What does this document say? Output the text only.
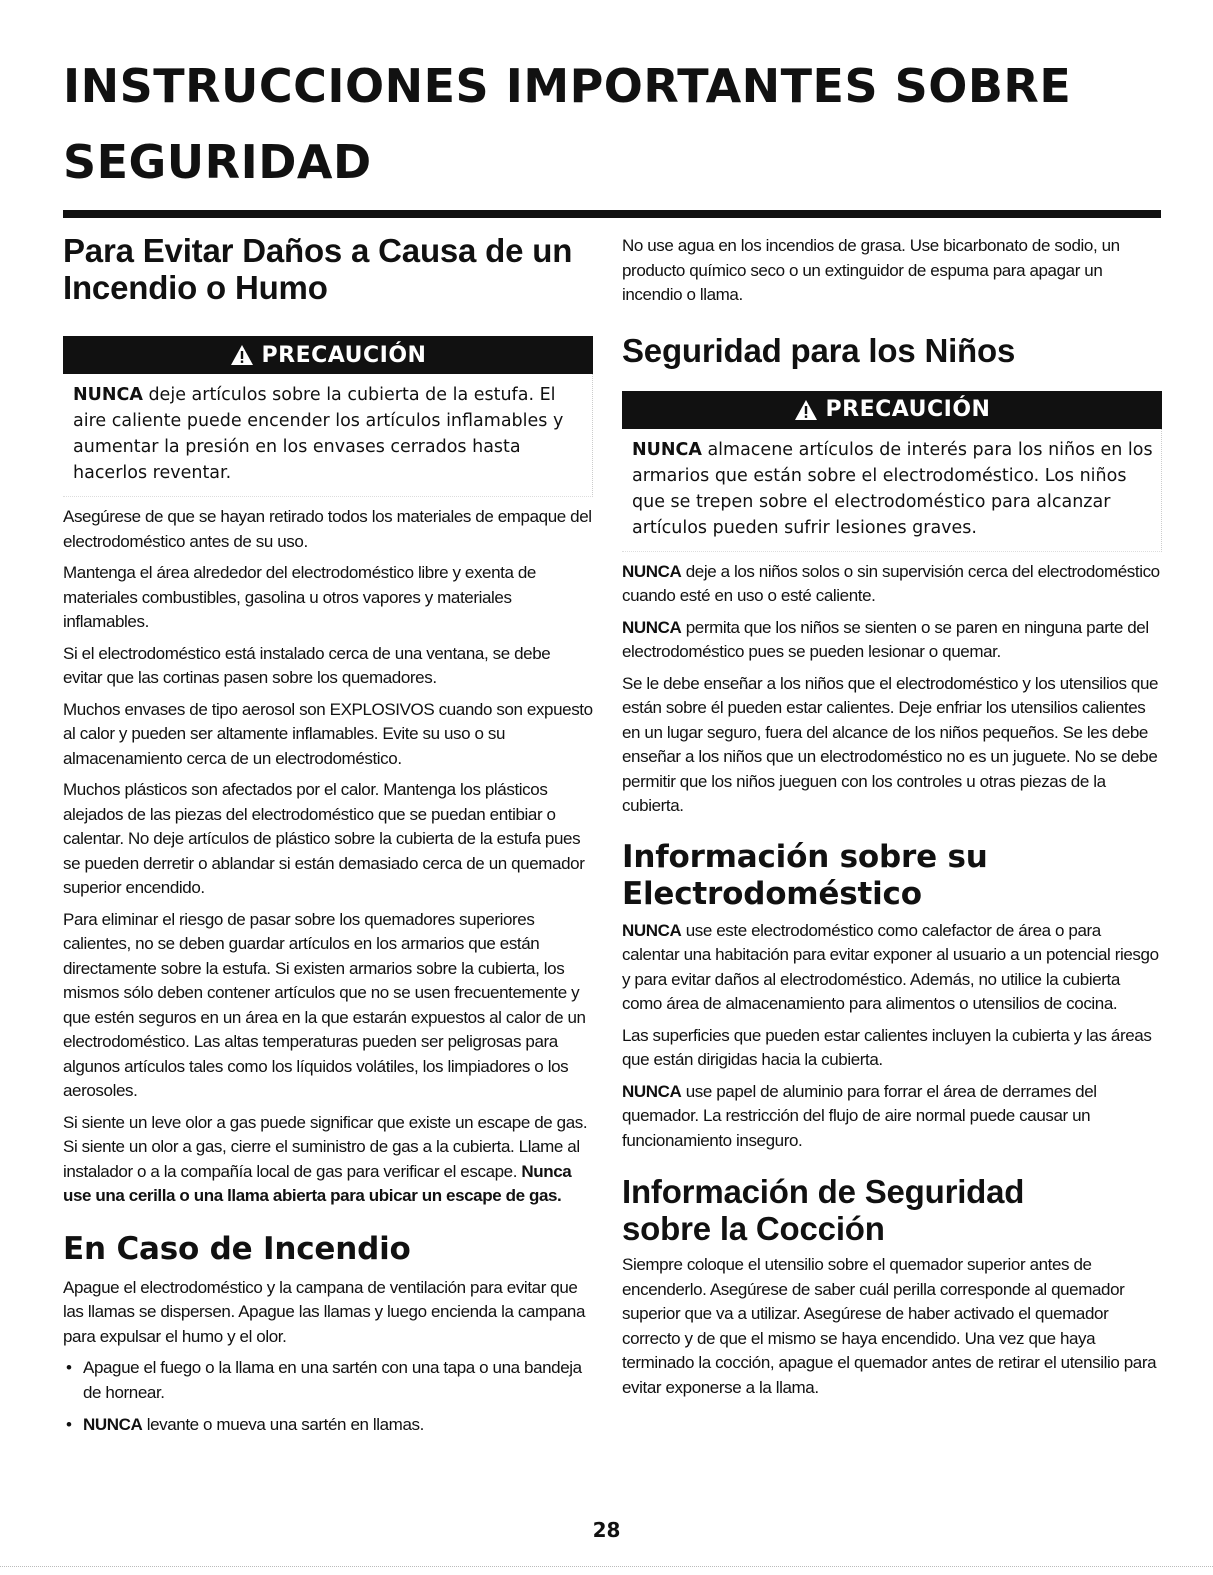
INSTRUCCIONES IMPORTANTES SOBRE
SEGURIDAD
Para Evitar Daños a Causa de un Incendio o Humo
PRECAUCIÓN

NUNCA deje artículos sobre la cubierta de la estufa. El aire caliente puede encender los artículos inflamables y aumentar la presión en los envases cerrados hasta hacerlos reventar.

Asegúrese de que se hayan retirado todos los materiales de empaque del electrodoméstico antes de su uso.

Mantenga el área alrededor del electrodoméstico libre y exenta de materiales combustibles, gasolina u otros vapores y materiales inflamables.

Si el electrodoméstico está instalado cerca de una ventana, se debe evitar que las cortinas pasen sobre los quemadores.

Muchos envases de tipo aerosol son EXPLOSIVOS cuando son expuesto al calor y pueden ser altamente inflamables. Evite su uso o su almacenamiento cerca de un electrodoméstico.

Muchos plásticos son afectados por el calor. Mantenga los plásticos alejados de las piezas del electrodoméstico que se puedan entibiar o calentar. No deje artículos de plástico sobre la cubierta de la estufa pues se pueden derretir o ablandar si están demasiado cerca de un quemador superior encendido.

Para eliminar el riesgo de pasar sobre los quemadores superiores calientes, no se deben guardar artículos en los armarios que están directamente sobre la estufa. Si existen armarios sobre la cubierta, los mismos sólo deben contener artículos que no se usen frecuentemente y que estén seguros en un área en la que estarán expuestos al calor de un electrodoméstico. Las altas temperaturas pueden ser peligrosas para algunos artículos tales como los líquidos volátiles, los limpiadores o los aerosoles.

Si siente un leve olor a gas puede significar que existe un escape de gas. Si siente un olor a gas, cierre el suministro de gas a la cubierta. Llame al instalador o a la compañía local de gas para verificar el escape. Nunca use una cerilla o una llama abierta para ubicar un escape de gas.

En Caso de Incendio

Apague el electrodoméstico y la campana de ventilación para evitar que las llamas se dispersen. Apague las llamas y luego encienda la campana para expulsar el humo y el olor.

• Apague el fuego o la llama en una sartén con una tapa o una bandeja de hornear.
• NUNCA levante o mueva una sartén en llamas.

No use agua en los incendios de grasa. Use bicarbonato de sodio, un producto químico seco o un extinguidor de espuma para apagar un incendio o llama.

Seguridad para los Niños
PRECAUCIÓN

NUNCA almacene artículos de interés para los niños en los armarios que están sobre el electrodoméstico. Los niños que se trepen sobre el electrodoméstico para alcanzar artículos pueden sufrir lesiones graves.

NUNCA deje a los niños solos o sin supervisión cerca del electrodoméstico cuando esté en uso o esté caliente.

NUNCA permita que los niños se sienten o se paren en ninguna parte del electrodoméstico pues se pueden lesionar o quemar.

Se le debe enseñar a los niños que el electrodoméstico y los utensilios que están sobre él pueden estar calientes. Deje enfriar los utensilios calientes en un lugar seguro, fuera del alcance de los niños pequeños. Se les debe enseñar a los niños que un electrodoméstico no es un juguete. No se debe permitir que los niños jueguen con los controles u otras piezas de la cubierta.

Información sobre su Electrodoméstico

NUNCA use este electrodoméstico como calefactor de área o para calentar una habitación para evitar exponer al usuario a un potencial riesgo y para evitar daños al electrodoméstico. Además, no utilice la cubierta como área de almacenamiento para alimentos o utensilios de cocina.

Las superficies que pueden estar calientes incluyen la cubierta y las áreas que están dirigidas hacia la cubierta.

NUNCA use papel de aluminio para forrar el área de derrames del quemador. La restricción del flujo de aire normal puede causar un funcionamiento inseguro.

Información de Seguridad sobre la Cocción

Siempre coloque el utensilio sobre el quemador superior antes de encenderlo. Asegúrese de saber cuál perilla corresponde al quemador superior que va a utilizar. Asegúrese de haber activado el quemador correcto y de que el mismo se haya encendido. Una vez que haya terminado la cocción, apague el quemador antes de retirar el utensilio para evitar exponerse a la llama.

28
